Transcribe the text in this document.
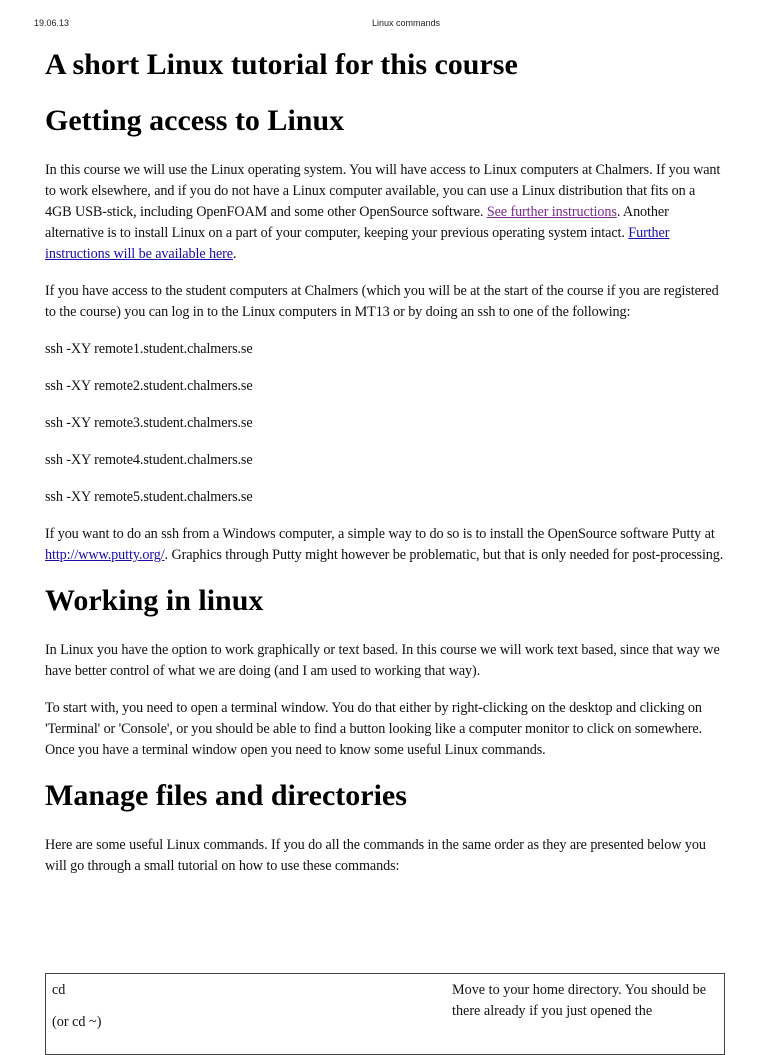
19.06.13	Linux commands
A short Linux tutorial for this course
Getting access to Linux

In this course we will use the Linux operating system. You will have access to Linux computers at Chalmers. If you want to work elsewhere, and if you do not have a Linux computer available, you can use a Linux distribution that fits on a 4GB USB-stick, including OpenFOAM and some other OpenSource software. See further instructions. Another alternative is to install Linux on a part of your computer, keeping your previous operating system intact. Further instructions will be available here.

If you have access to the student computers at Chalmers (which you will be at the start of the course if you are registered to the course) you can log in to the Linux computers in MT13 or by doing an ssh to one of the following:

ssh -XY remote1.student.chalmers.se

ssh -XY remote2.student.chalmers.se

ssh -XY remote3.student.chalmers.se

ssh -XY remote4.student.chalmers.se

ssh -XY remote5.student.chalmers.se

If you want to do an ssh from a Windows computer, a simple way to do so is to install the OpenSource software Putty at http://www.putty.org/. Graphics through Putty might however be problematic, but that is only needed for post-processing.

Working in linux

In Linux you have the option to work graphically or text based. In this course we will work text based, since that way we have better control of what we are doing (and I am used to working that way).

To start with, you need to open a terminal window. You do that either by right-clicking on the desktop and clicking on 'Terminal' or 'Console', or you should be able to find a button looking like a computer monitor to click on somewhere. Once you have a terminal window open you need to know some useful Linux commands.

Manage files and directories

Here are some useful Linux commands. If you do all the commands in the same order as they are presented below you will go through a small tutorial on how to use these commands:

cd
(or cd ~)
Move to your home directory. You should be there already if you just opened the
